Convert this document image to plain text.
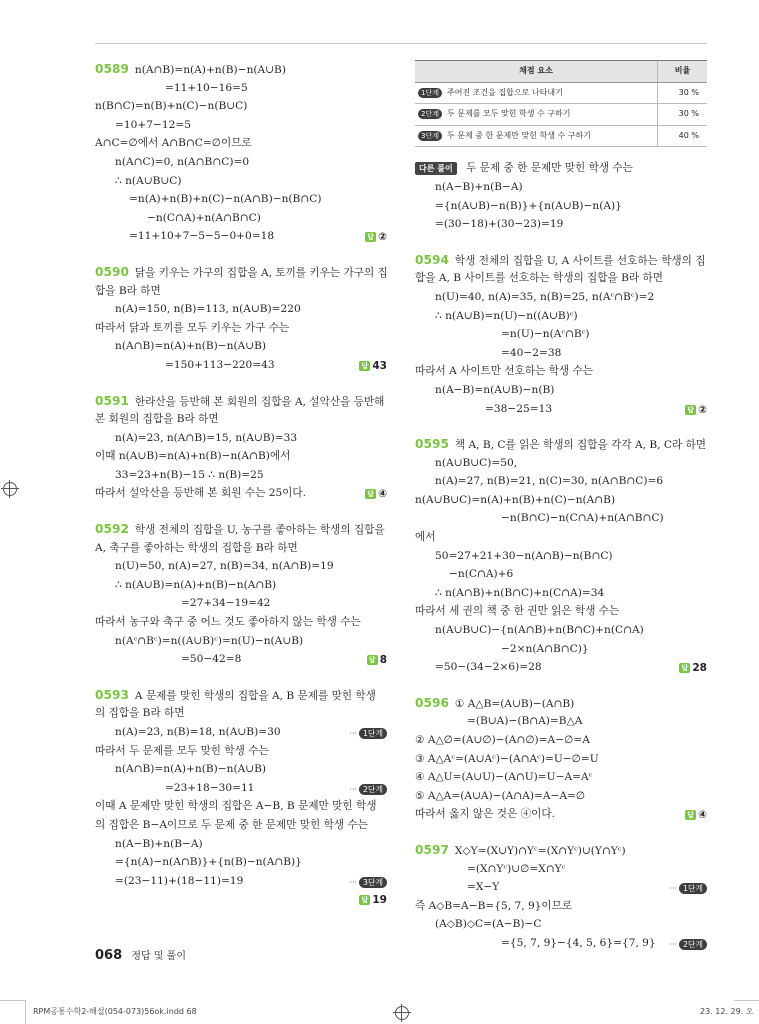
0589 n(A∩B)=n(A)+n(B)−n(A∪B)
=11+10−16=5
n(B∩C)=n(B)+n(C)−n(B∪C)
=10+7−12=5
A∩C=∅에서 A∩B∩C=∅이므로
n(A∩C)=0, n(A∩B∩C)=0
∴ n(A∪B∪C)
=n(A)+n(B)+n(C)−n(A∩B)−n(B∩C)
−n(C∩A)+n(A∩B∩C)
=11+10+7−5−5−0+0=18	답 ②
0590 닭을 키우는 가구의 집합을 A, 토끼를 키우는 가구의 집
합을 B라 하면
n(A)=150, n(B)=113, n(A∪B)=220
따라서 닭과 토끼를 모두 키우는 가구 수는
n(A∩B)=n(A)+n(B)−n(A∪B)
=150+113−220=43	답 43
0591 한라산을 등반해 본 회원의 집합을 A, 설악산을 등반해
본 회원의 집합을 B라 하면
n(A)=23, n(A∩B)=15, n(A∪B)=33
이때 n(A∪B)=n(A)+n(B)−n(A∩B)에서
33=23+n(B)−15 ∴ n(B)=25
따라서 설악산을 등반해 본 회원 수는 25이다.	답 ④
0592 학생 전체의 집합을 U, 농구를 좋아하는 학생의 집합을
A, 축구를 좋아하는 학생의 집합을 B라 하면
n(U)=50, n(A)=27, n(B)=34, n(A∩B)=19
∴ n(A∪B)=n(A)+n(B)−n(A∩B)
=27+34−19=42
따라서 농구와 축구 중 어느 것도 좋아하지 않는 학생 수는
n(Aᶜ∩Bᶜ)=n((A∪B)ᶜ)=n(U)−n(A∪B)
=50−42=8	답 8
0593 A 문제를 맞힌 학생의 집합을 A, B 문제를 맞힌 학생
의 집합을 B라 하면
n(A)=23, n(B)=18, n(A∪B)=30	··· 1단계
따라서 두 문제를 모두 맞힌 학생 수는
n(A∩B)=n(A)+n(B)−n(A∪B)
=23+18−30=11	··· 2단계
이때 A 문제만 맞힌 학생의 집합은 A−B, B 문제만 맞힌 학생
의 집합은 B−A이므로 두 문제 중 한 문제만 맞힌 학생 수는
n(A−B)+n(B−A)
={n(A)−n(A∩B)}+{n(B)−n(A∩B)}
=(23−11)+(18−11)=19	··· 3단계
답 19
채점 요소	비율
1단계 주어진 조건을 집합으로 나타내기	30 %
2단계 두 문제를 모두 맞힌 학생 수 구하기	30 %
3단계 두 문제 중 한 문제만 맞힌 학생 수 구하기	40 %
다른 풀이 두 문제 중 한 문제만 맞힌 학생 수는
n(A−B)+n(B−A)
={n(A∪B)−n(B)}+{n(A∪B)−n(A)}
=(30−18)+(30−23)=19
0594 학생 전체의 집합을 U, A 사이트를 선호하는 학생의 집
합을 A, B 사이트를 선호하는 학생의 집합을 B라 하면
n(U)=40, n(A)=35, n(B)=25, n(Aᶜ∩Bᶜ)=2
∴ n(A∪B)=n(U)−n((A∪B)ᶜ)
=n(U)−n(Aᶜ∩Bᶜ)
=40−2=38
따라서 A 사이트만 선호하는 학생 수는
n(A−B)=n(A∪B)−n(B)
=38−25=13	답 ②
0595 책 A, B, C를 읽은 학생의 집합을 각각 A, B, C라 하면
n(A∪B∪C)=50,
n(A)=27, n(B)=21, n(C)=30, n(A∩B∩C)=6
n(A∪B∪C)=n(A)+n(B)+n(C)−n(A∩B)
−n(B∩C)−n(C∩A)+n(A∩B∩C)
에서
50=27+21+30−n(A∩B)−n(B∩C)
−n(C∩A)+6
∴ n(A∩B)+n(B∩C)+n(C∩A)=34
따라서 세 권의 책 중 한 권만 읽은 학생 수는
n(A∪B∪C)−{n(A∩B)+n(B∩C)+n(C∩A)
−2×n(A∩B∩C)}
=50−(34−2×6)=28	답 28
0596 ① A△B=(A∪B)−(A∩B)
=(B∪A)−(B∩A)=B△A
② A△∅=(A∪∅)−(A∩∅)=A−∅=A
③ A△Aᶜ=(A∪Aᶜ)−(A∩Aᶜ)=U−∅=U
④ A△U=(A∪U)−(A∩U)=U−A=Aᶜ
⑤ A△A=(A∪A)−(A∩A)=A−A=∅
따라서 옳지 않은 것은 ④이다.	답 ④
0597 X◇Y=(X∪Y)∩Yᶜ=(X∩Yᶜ)∪(Y∩Yᶜ)
=(X∩Yᶜ)∪∅=X∩Yᶜ
=X−Y	··· 1단계
즉 A◇B=A−B={5, 7, 9}이므로
(A◇B)◇C=(A−B)−C
={5, 7, 9}−{4, 5, 6}={7, 9} ··· 2단계
068 정답 및 풀이
RPM공통수학2-해설(054-073)56ok.indd 68	23. 12. 29. 오
